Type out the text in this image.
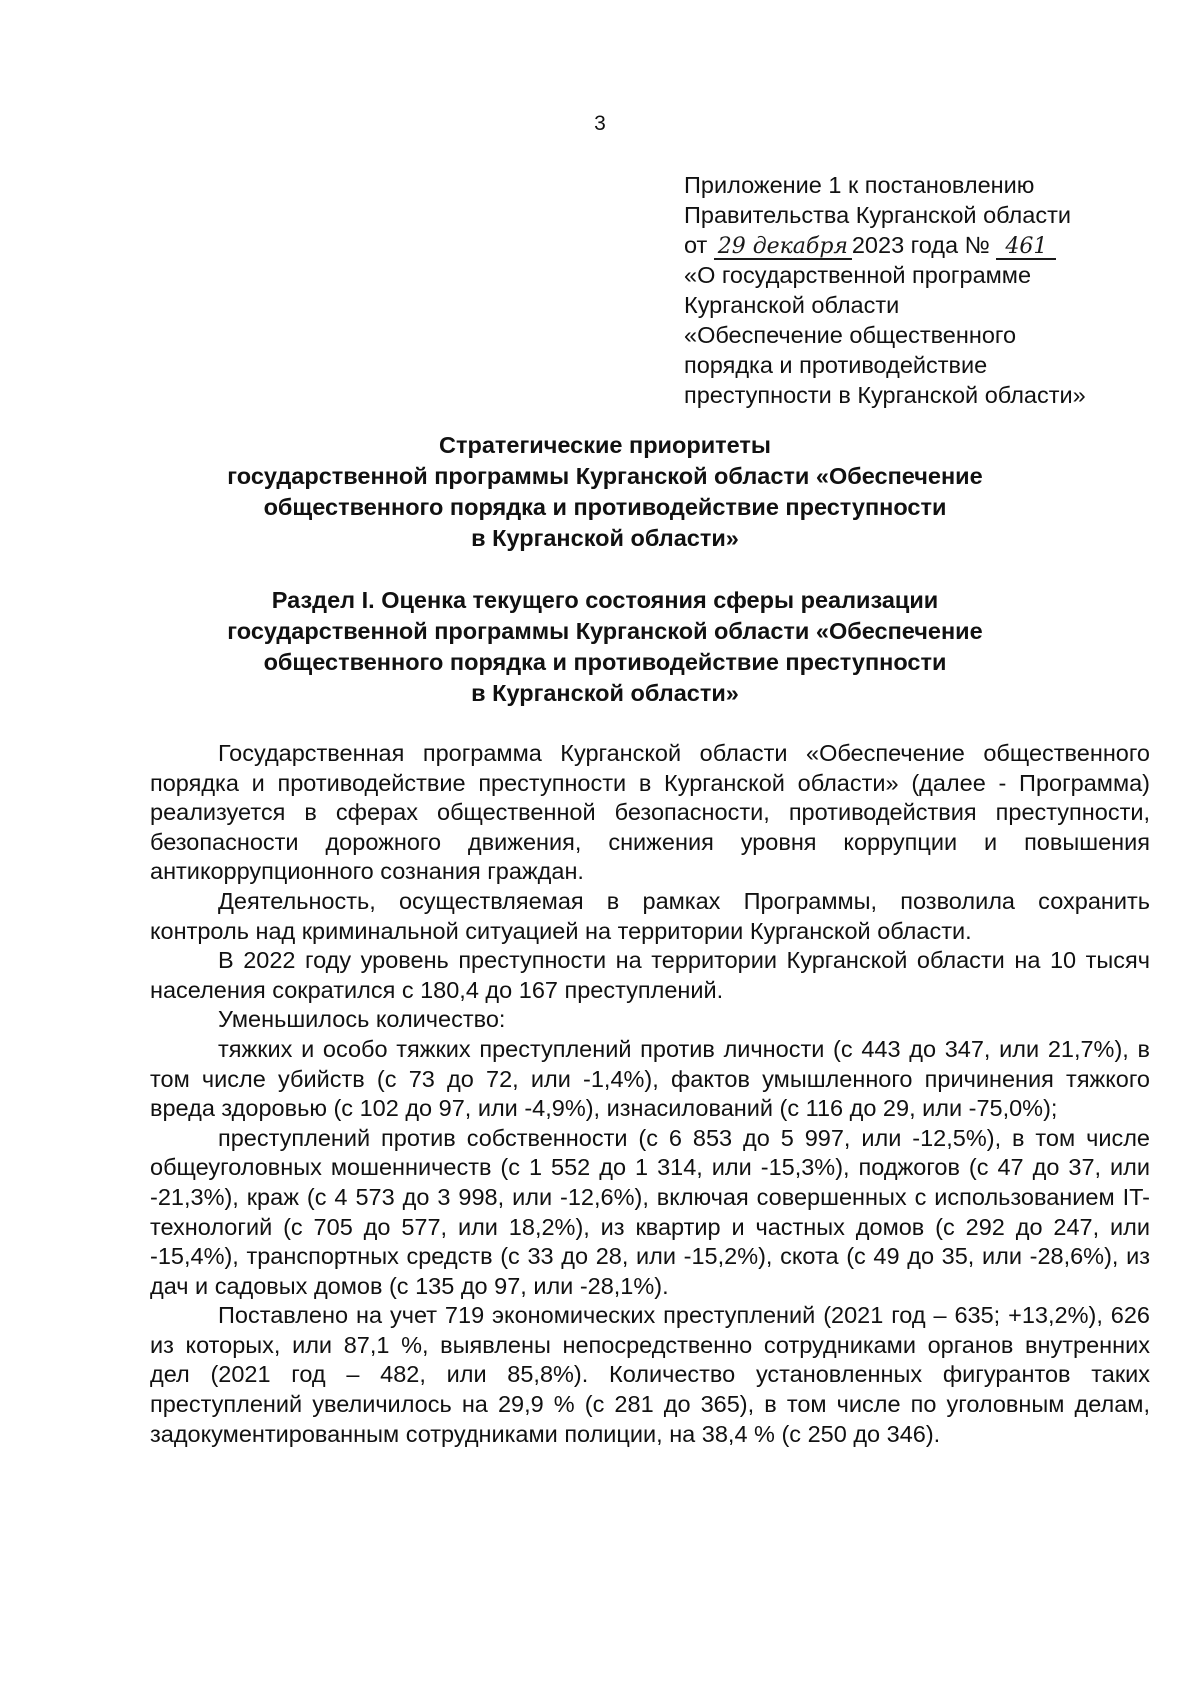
3
Приложение 1 к постановлению
Правительства Курганской области
от 29 декабря 2023 года № 461
«О государственной программе
Курганской области
«Обеспечение общественного
порядка и противодействие
преступности в Курганской области»
Стратегические приоритеты
государственной программы Курганской области «Обеспечение
общественного порядка и противодействие преступности
в Курганской области»
Раздел I. Оценка текущего состояния сферы реализации
государственной программы Курганской области «Обеспечение
общественного порядка и противодействие преступности
в Курганской области»

Государственная программа Курганской области «Обеспечение общественного порядка и противодействие преступности в Курганской области» (далее - Программа) реализуется в сферах общественной безопасности, противодействия преступности, безопасности дорожного движения, снижения уровня коррупции и повышения антикоррупционного сознания граждан.

Деятельность, осуществляемая в рамках Программы, позволила сохранить контроль над криминальной ситуацией на территории Курганской области.

В 2022 году уровень преступности на территории Курганской области на 10 тысяч населения сократился с 180,4 до 167 преступлений.

Уменьшилось количество:

тяжких и особо тяжких преступлений против личности (с 443 до 347, или 21,7%), в том числе убийств (с 73 до 72, или -1,4%), фактов умышленного причинения тяжкого вреда здоровью (с 102 до 97, или -4,9%), изнасилований (с 116 до 29, или -75,0%);

преступлений против собственности (с 6 853 до 5 997, или -12,5%), в том числе общеуголовных мошенничеств (с 1 552 до 1 314, или -15,3%), поджогов (с 47 до 37, или -21,3%), краж (с 4 573 до 3 998, или -12,6%), включая совершенных с использованием IT-технологий (с 705 до 577, или 18,2%), из квартир и частных домов (с 292 до 247, или -15,4%), транспортных средств (с 33 до 28, или -15,2%), скота (с 49 до 35, или -28,6%), из дач и садовых домов (с 135 до 97, или -28,1%).

Поставлено на учет 719 экономических преступлений (2021 год – 635; +13,2%), 626 из которых, или 87,1 %, выявлены непосредственно сотрудниками органов внутренних дел (2021 год – 482, или 85,8%). Количество установленных фигурантов таких преступлений увеличилось на 29,9 % (с 281 до 365), в том числе по уголовным делам, задокументированным сотрудниками полиции, на 38,4 % (с 250 до 346).
